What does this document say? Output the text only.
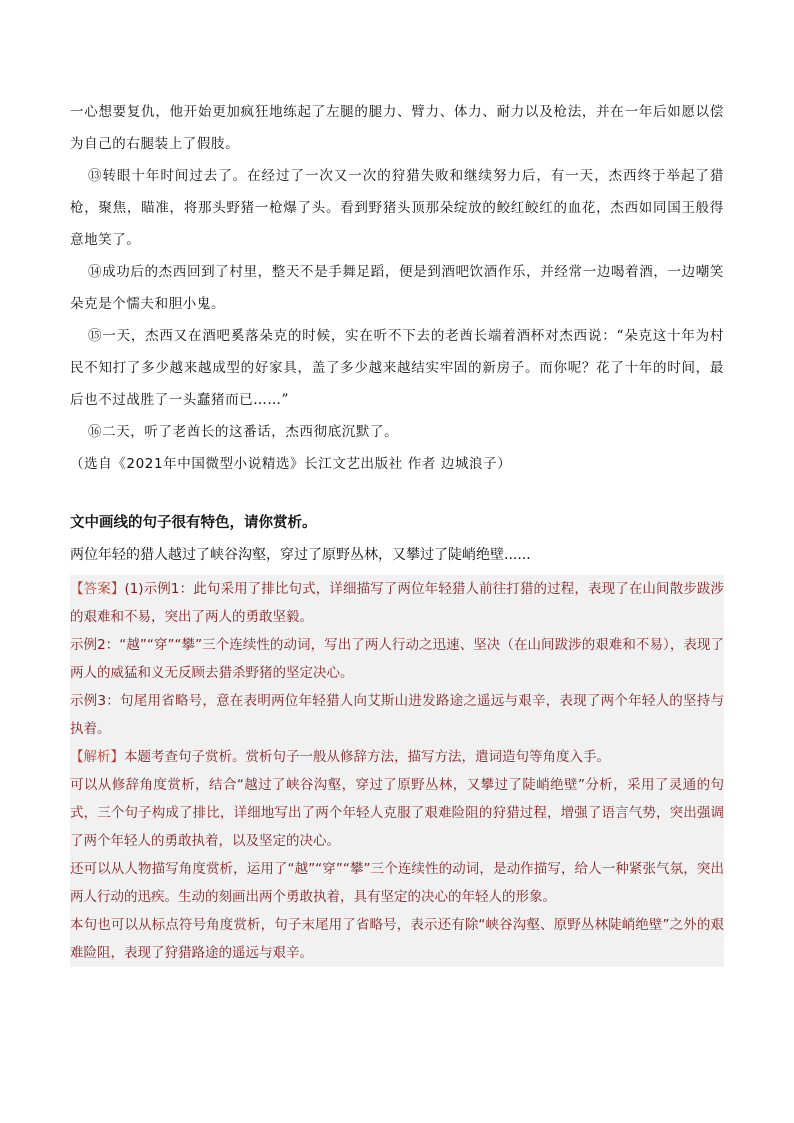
一心想要复仇，他开始更加疯狂地练起了左腿的腿力、臂力、体力、耐力以及枪法，并在一年后如愿以偿为自己的右腿装上了假肢。

⑬转眼十年时间过去了。在经过了一次又一次的狩猎失败和继续努力后，有一天，杰西终于举起了猎枪，聚焦，瞄准，将那头野猪一枪爆了头。看到野猪头顶那朵绽放的鲛红鲛红的血花，杰西如同国王般得意地笑了。

⑭成功后的杰西回到了村里，整天不是手舞足蹈，便是到酒吧饮酒作乐，并经常一边喝着酒，一边嘲笑朵克是个懦夫和胆小鬼。

⑮一天，杰西又在酒吧奚落朵克的时候，实在听不下去的老酋长端着酒杯对杰西说：“朵克这十年为村民不知打了多少越来越成型的好家具，盖了多少越来越结实牢固的新房子。而你呢？花了十年的时间，最后也不过战胜了一头蠢猪而已……”

⑯二天，听了老酋长的这番话，杰西彻底沉默了。

（选自《2021年中国微型小说精选》长江文艺出版社 作者 边城浪子）

文中画线的句子很有特色，请你赏析。

两位年轻的猎人越过了峡谷沟壑，穿过了原野丛林，又攀过了陡峭绝壁......

【答案】(1)示例1：此句采用了排比句式，详细描写了两位年轻猎人前往打猎的过程，表现了在山间散步跋涉的艰难和不易，突出了两人的勇敢坚毅。

示例2：“越”“穿”“攀”三个连续性的动词，写出了两人行动之迅速、坚决（在山间跋涉的艰难和不易），表现了两人的威猛和义无反顾去猎杀野猪的坚定决心。

示例3：句尾用省略号，意在表明两位年轻猎人向艾斯山进发路途之遥远与艰辛，表现了两个年轻人的坚持与执着。

【解析】本题考查句子赏析。赏析句子一般从修辞方法，描写方法，遣词造句等角度入手。

可以从修辞角度赏析，结合“越过了峡谷沟壑，穿过了原野丛林，又攀过了陡峭绝壁”分析，采用了灵通的句式，三个句子构成了排比，详细地写出了两个年轻人克服了艰难险阻的狩猎过程，增强了语言气势，突出强调了两个年轻人的勇敢执着，以及坚定的决心。

还可以从人物描写角度赏析，运用了“越”“穿”“攀”三个连续性的动词，是动作描写，给人一种紧张气氛，突出两人行动的迅疾。生动的刻画出两个勇敢执着，具有坚定的决心的年轻人的形象。

本句也可以从标点符号角度赏析，句子末尾用了省略号，表示还有除“峡谷沟壑、原野丛林陡峭绝壁”之外的艰难险阻，表现了狩猎路途的遥远与艰辛。
